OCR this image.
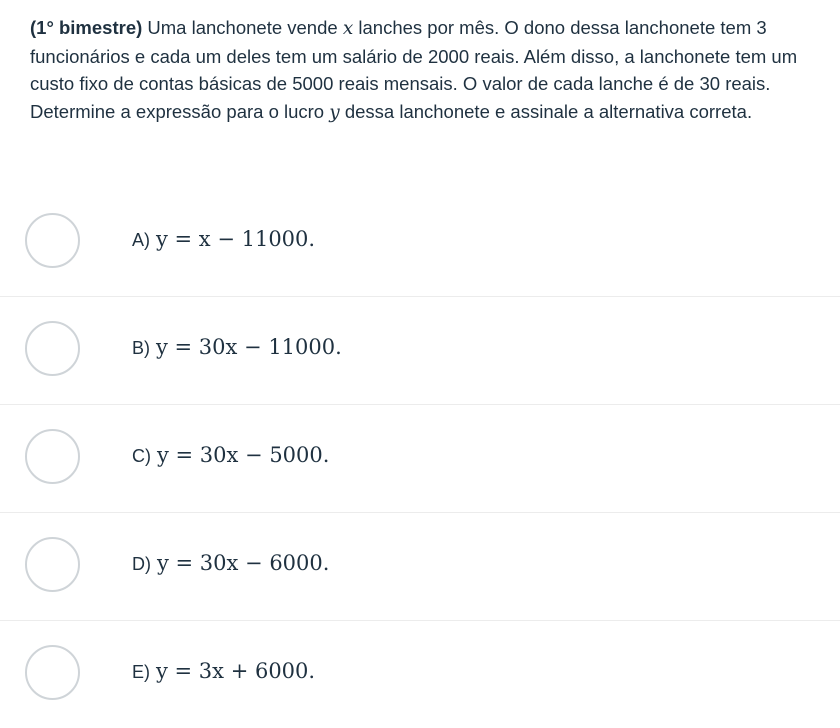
(1° bimestre) Uma lanchonete vende x lanches por mês. O dono dessa lanchonete tem 3 funcionários e cada um deles tem um salário de 2000 reais. Além disso, a lanchonete tem um custo fixo de contas básicas de 5000 reais mensais. O valor de cada lanche é de 30 reais. Determine a expressão para o lucro y dessa lanchonete e assinale a alternativa correta.
A) y = x − 11000.
B) y = 30x − 11000.
C) y = 30x − 5000.
D) y = 30x − 6000.
E) y = 3x + 6000.
